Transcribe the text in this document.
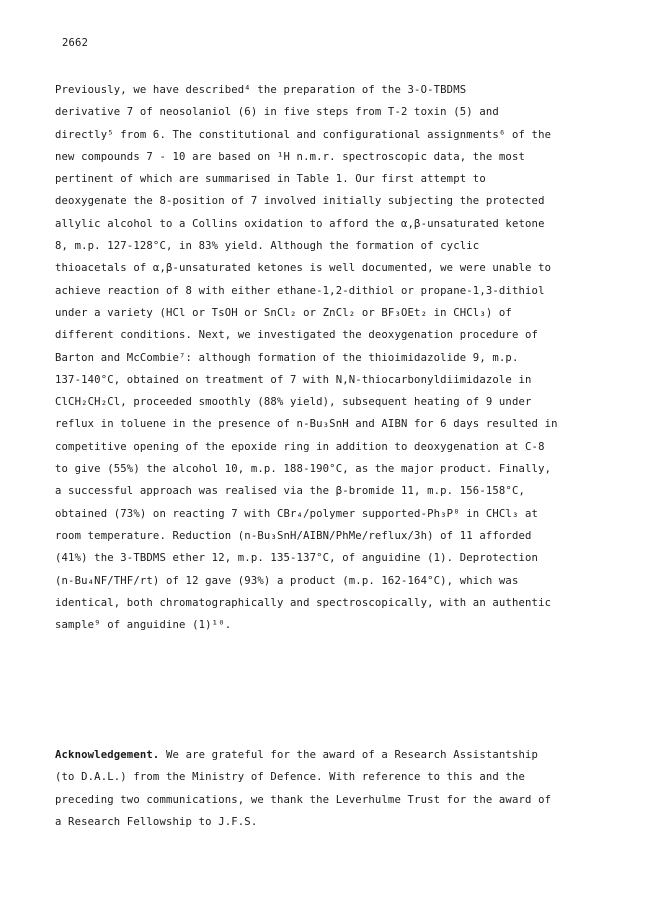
2662
Previously, we have described⁴ the preparation of the 3-O-TBDMS
derivative 7 of neosolaniol (6) in five steps from T-2 toxin (5) and
directly⁵ from 6. The constitutional and configurational assignments⁶ of the
new compounds 7 - 10 are based on ¹H n.m.r. spectroscopic data, the most
pertinent of which are summarised in Table 1. Our first attempt to
deoxygenate the 8-position of 7 involved initially subjecting the protected
allylic alcohol to a Collins oxidation to afford the α,β-unsaturated ketone
8, m.p. 127-128°C, in 83% yield. Although the formation of cyclic
thioacetals of α,β-unsaturated ketones is well documented, we were unable to
achieve reaction of 8 with either ethane-1,2-dithiol or propane-1,3-dithiol
under a variety (HCl or TsOH or SnCl₂ or ZnCl₂ or BF₃OEt₂ in CHCl₃) of
different conditions. Next, we investigated the deoxygenation procedure of
Barton and McCombie⁷: although formation of the thioimidazolide 9, m.p.
137-140°C, obtained on treatment of 7 with N,N-thiocarbonyldiimidazole in
ClCH₂CH₂Cl, proceeded smoothly (88% yield), subsequent heating of 9 under
reflux in toluene in the presence of n-Bu₃SnH and AIBN for 6 days resulted in
competitive opening of the epoxide ring in addition to deoxygenation at C-8
to give (55%) the alcohol 10, m.p. 188-190°C, as the major product. Finally,
a successful approach was realised via the β-bromide 11, m.p. 156-158°C,
obtained (73%) on reacting 7 with CBr₄/polymer supported-Ph₃P⁸ in CHCl₃ at
room temperature. Reduction (n-Bu₃SnH/AIBN/PhMe/reflux/3h) of 11 afforded
(41%) the 3-TBDMS ether 12, m.p. 135-137°C, of anguidine (1). Deprotection
(n-Bu₄NF/THF/rt) of 12 gave (93%) a product (m.p. 162-164°C), which was
identical, both chromatographically and spectroscopically, with an authentic
sample⁹ of anguidine (1)¹⁰.
Acknowledgement. We are grateful for the award of a Research Assistantship
(to D.A.L.) from the Ministry of Defence. With reference to this and the
preceding two communications, we thank the Leverhulme Trust for the award of
a Research Fellowship to J.F.S.
